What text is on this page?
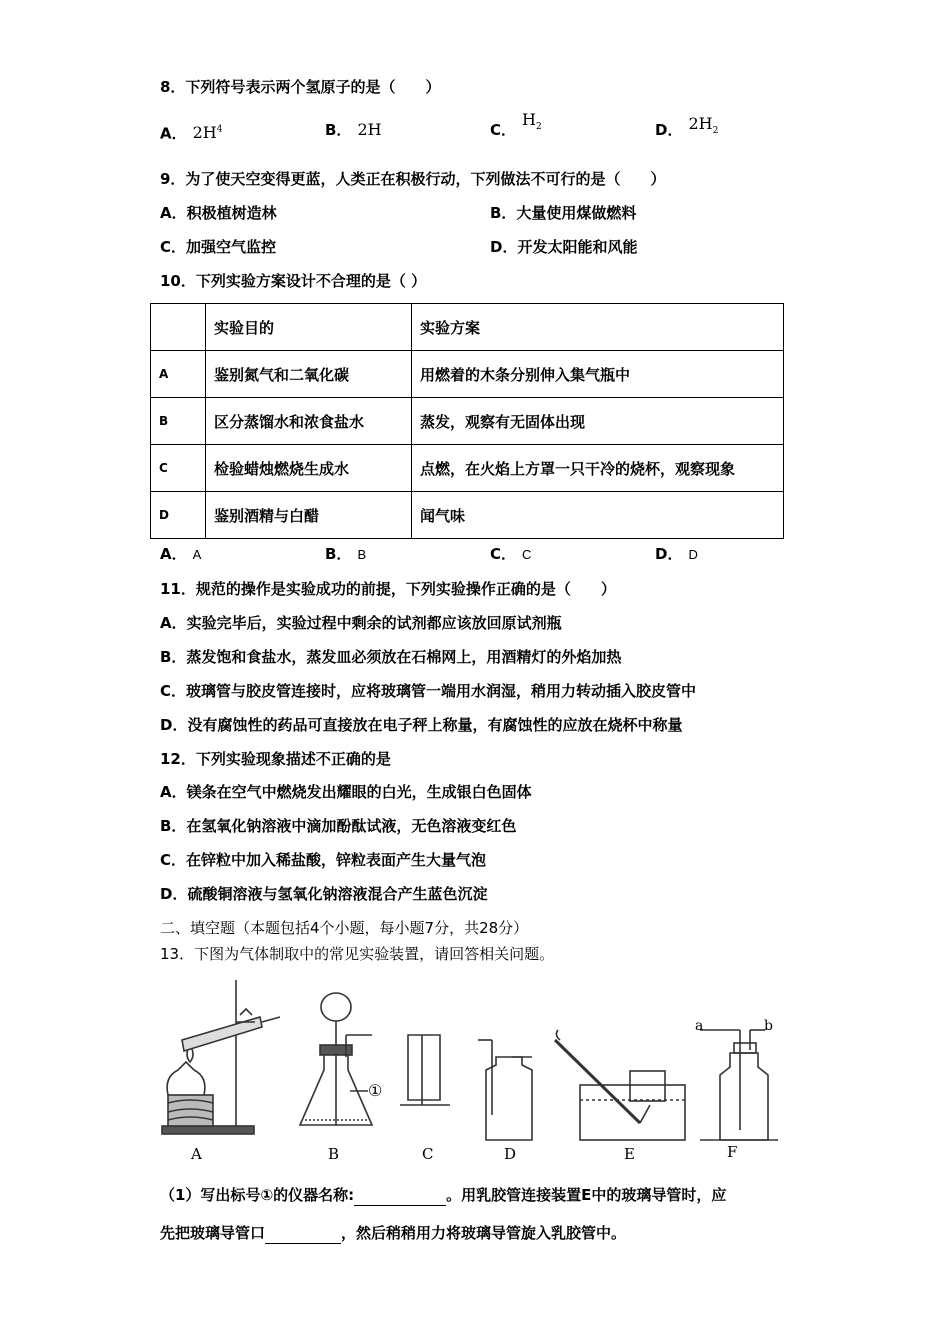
8．下列符号表示两个氢原子的是（　　）
A． $2H^4$	B． 2H	C．$H_2$	D． $2H_2$
9．为了使天空变得更蓝，人类正在积极行动，下列做法不可行的是（　　）
A．积极植树造林	B．大量使用煤做燃料
C．加强空气监控	D．开发太阳能和风能
10．下列实验方案设计不合理的是（ ）
	实验目的	实验方案
A	鉴别氮气和二氧化碳	用燃着的木条分别伸入集气瓶中
B	区分蒸馏水和浓食盐水	蒸发，观察有无固体出现
C	检验蜡烛燃烧生成水	点燃，在火焰上方罩一只干冷的烧杯，观察现象
D	鉴别酒精与白醋	闻气味
A． A	B． B	C． C	D． D
11．规范的操作是实验成功的前提，下列实验操作正确的是（　　）
A．实验完毕后，实验过程中剩余的试剂都应该放回原试剂瓶
B．蒸发饱和食盐水，蒸发皿必须放在石棉网上，用酒精灯的外焰加热
C．玻璃管与胶皮管连接时，应将玻璃管一端用水润湿，稍用力转动插入胶皮管中
D．没有腐蚀性的药品可直接放在电子秤上称量，有腐蚀性的应放在烧杯中称量
12．下列实验现象描述不正确的是
A．镁条在空气中燃烧发出耀眼的白光，生成银白色固体
B．在氢氧化钠溶液中滴加酚酞试液，无色溶液变红色
C．在锌粒中加入稀盐酸，锌粒表面产生大量气泡
D．硫酸铜溶液与氢氧化钠溶液混合产生蓝色沉淀
二、填空题（本题包括4个小题，每小题7分，共28分）
13．下图为气体制取中的常见实验装置，请回答相关问题。
A	B	C	D	E	F
①
a	b
（1）写出标号①的仪器名称:	。用乳胶管连接装置E中的玻璃导管时，应
先把玻璃导管口	，然后稍稍用力将玻璃导管旋入乳胶管中。
